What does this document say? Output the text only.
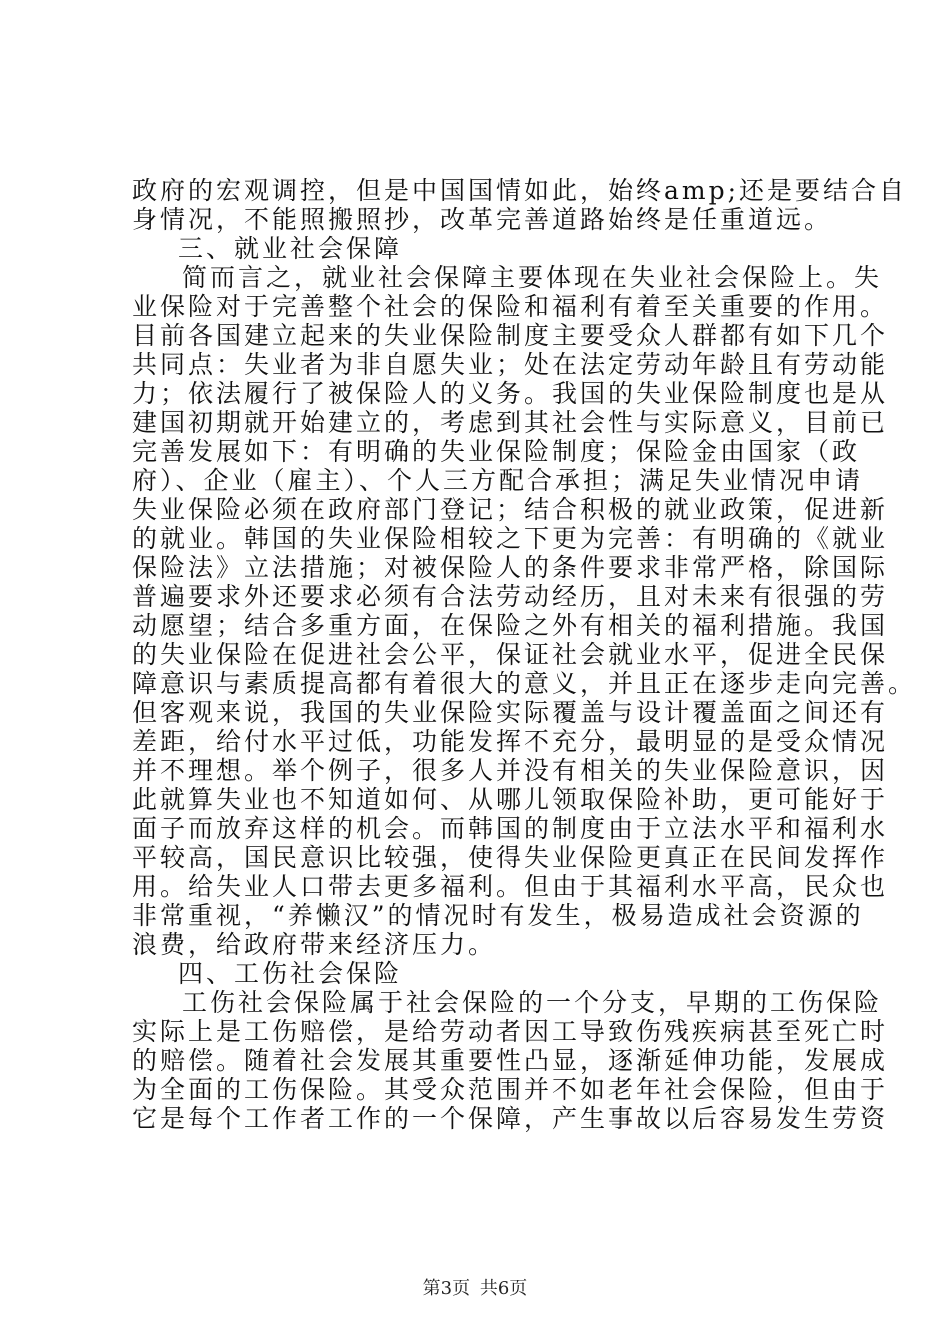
政府的宏观调控，但是中国国情如此，始终amp;还是要结合自
身情况，不能照搬照抄，改革完善道路始终是任重道远。
三、就业社会保障
简而言之，就业社会保障主要体现在失业社会保险上。失
业保险对于完善整个社会的保险和福利有着至关重要的作用。
目前各国建立起来的失业保险制度主要受众人群都有如下几个
共同点：失业者为非自愿失业；处在法定劳动年龄且有劳动能
力；依法履行了被保险人的义务。我国的失业保险制度也是从
建国初期就开始建立的，考虑到其社会性与实际意义，目前已
完善发展如下：有明确的失业保险制度；保险金由国家（政
府）、企业（雇主）、个人三方配合承担；满足失业情况申请
失业保险必须在政府部门登记；结合积极的就业政策，促进新
的就业。韩国的失业保险相较之下更为完善：有明确的《就业
保险法》立法措施；对被保险人的条件要求非常严格，除国际
普遍要求外还要求必须有合法劳动经历，且对未来有很强的劳
动愿望；结合多重方面，在保险之外有相关的福利措施。我国
的失业保险在促进社会公平，保证社会就业水平，促进全民保
障意识与素质提高都有着很大的意义，并且正在逐步走向完善。
但客观来说，我国的失业保险实际覆盖与设计覆盖面之间还有
差距，给付水平过低，功能发挥不充分，最明显的是受众情况
并不理想。举个例子，很多人并没有相关的失业保险意识，因
此就算失业也不知道如何、从哪儿领取保险补助，更可能好于
面子而放弃这样的机会。而韩国的制度由于立法水平和福利水
平较高，国民意识比较强，使得失业保险更真正在民间发挥作
用。给失业人口带去更多福利。但由于其福利水平高，民众也
非常重视，“养懒汉”的情况时有发生，极易造成社会资源的
浪费，给政府带来经济压力。
四、工伤社会保险
工伤社会保险属于社会保险的一个分支，早期的工伤保险
实际上是工伤赔偿，是给劳动者因工导致伤残疾病甚至死亡时
的赔偿。随着社会发展其重要性凸显，逐渐延伸功能，发展成
为全面的工伤保险。其受众范围并不如老年社会保险，但由于
它是每个工作者工作的一个保障，产生事故以后容易发生劳资
第3页 共6页
